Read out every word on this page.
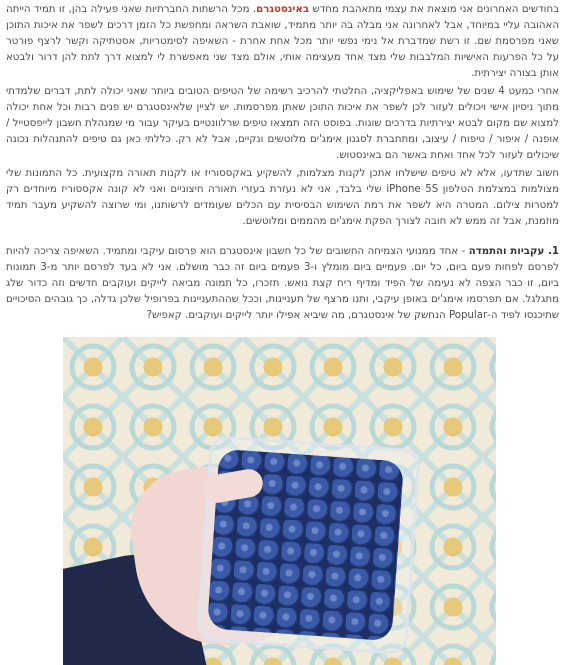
בחודשים האחרונים אני מוצאת את עצמי מתאהבת מחדש באינסטגרם. מכל הרשתות החברתיות שאני פעילה בהן, זו תמיד הייתה האהובה עליי במיוחד, אבל לאחרונה אני מבלה בה יותר מתמיד, שואבת השראה ומחפשת כל הזמן דרכים לשפר את איכות התוכן שאני מפרסמת שם. זו רשת שמדברת אל נימי נפשי יותר מכל אחת אחרת - השאיפה לסימטריות, אסטתיקה וקשר לרצף פורטר על כל הפרעות האישיות המלבבות שלי מצד אחד מעצימה אותי, אולם מצד שני מאפשרת לי למצוא דרך לתת להן דרור ולבטא אותן בצורה יצירתית.

אחרי כמעט 4 שנים של שימוש באפליקציה, החלטתי להרכיב רשימה של הטיפים הטובים ביותר שאני יכולה לתת, דברים שלמדתי מתוך ניסיון אישי ויכולים לעזור לכן לשפר את איכות התוכן שאתן מפרסמות. יש לציין שלאינסטגרם יש פנים רבות וכל אחת יכולה למצוא שם מקום לבטא יצירתיות בדרכים שונות. בפוסט הזה תמצאו טיפים שרלוונטיים בעיקר עבור מי שמנהלת חשבון לייפסטייל / אופנה / איפור / טיפוח / עיצוב, ומתחברת לסגנון אימג'ים מלוטשים ונקיים, אבל לא רק. כללתי כאן גם טיפים להתנהלות נכונה שיכולים לעזור לכל אחד ואחת באשר הם באינסטוש.

חשוב שתדעו, אלא לא טיפים שישלחו אתכן לקנות מצלמות, להשקיע באקססוריז או לקנות תאורה מקצועית. כל התמונות שלי מצולמות במצלמת הטלפון iPhone 5S שלי בלבד, אני לא נעזרת בעזרי תאורה חיצוניים ואני לא קונה אקססוריז מיוחדים רק למטרות צילום. המטרה היא לשפר את רמת השימוש הבסיסית עם הכלים שעומדים לרשותנו, ומי שרוצה להשקיע מעבר תמיד מוזמנת, אבל זה ממש לא חובה לצורך הפקת אימג'ים מהממים ומלוטשים.

1. עקביות והתמדה - אחד ממנועי הצמיחה החשובים של כל חשבון אינסטגרם הוא פרסום עיקבי ומתמיד. השאיפה צריכה להיות לפרסם לפחות פעם ביום, כל יום. פעמיים ביום מומלץ ו-3 פעמים ביום זה כבר מושלם. אני לא בעד לפרסם יותר מ-3 תמונות ביום, זו כבר הצפה לא נעימה של הפיד ומדיף ריח קצת נואש. תזכרו, כל תמונה מביאה לייקים ועוקבים חדשים וזה כדור שלג מתגלגל. אם תפרסמו אימג'ים באופן עיקבי, ותנו מרצף של תעניינות, וככל שההתעניינות בפרופיל שלכן גדלה, כך גובהים הסיכויים שתיכנסו לפיד ה-Popular הנחשק של אינסטגרם, מה שיביא אפילו יותר לייקים ועוקבים. קאפיש?
